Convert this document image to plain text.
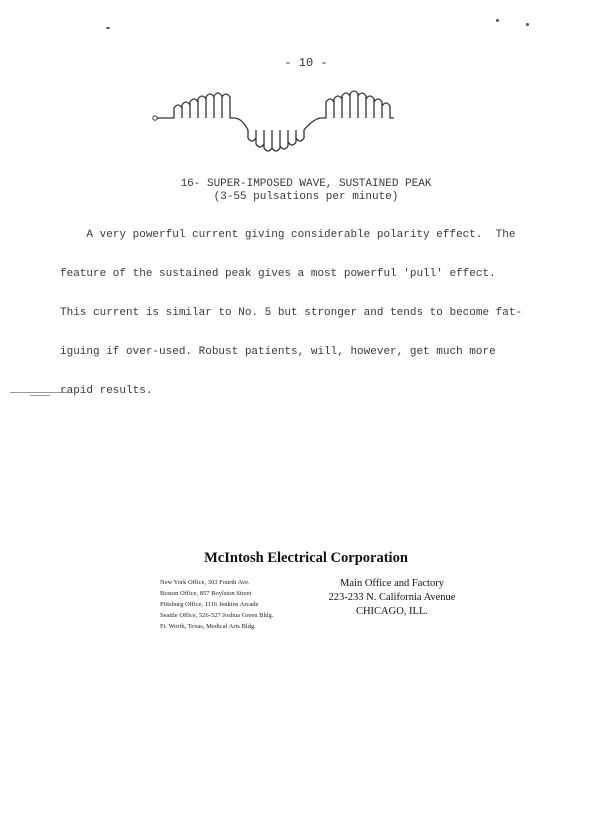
- 10 -
16- SUPER-IMPOSED WAVE, SUSTAINED PEAK
(3-55 pulsations per minute)

A very powerful current giving considerable polarity effect.  The

feature of the sustained peak gives a most powerful 'pull' effect.

This current is similar to No. 5 but stronger and tends to become fat-

iguing if over-used. Robust patients, will, however, get much more

rapid results.

McIntosh Electrical Corporation
New York Office, 303 Fourth Ave.
Boston Office, 857 Boylston Street
Pittsburg Office, 1116 Jenkins Arcade
Seattle Office, 526-527 Joshua Green Bldg.
Ft. Worth, Texas, Medical Arts Bldg.
Main Office and Factory
223-233 N. California Avenue
CHICAGO, ILL.
